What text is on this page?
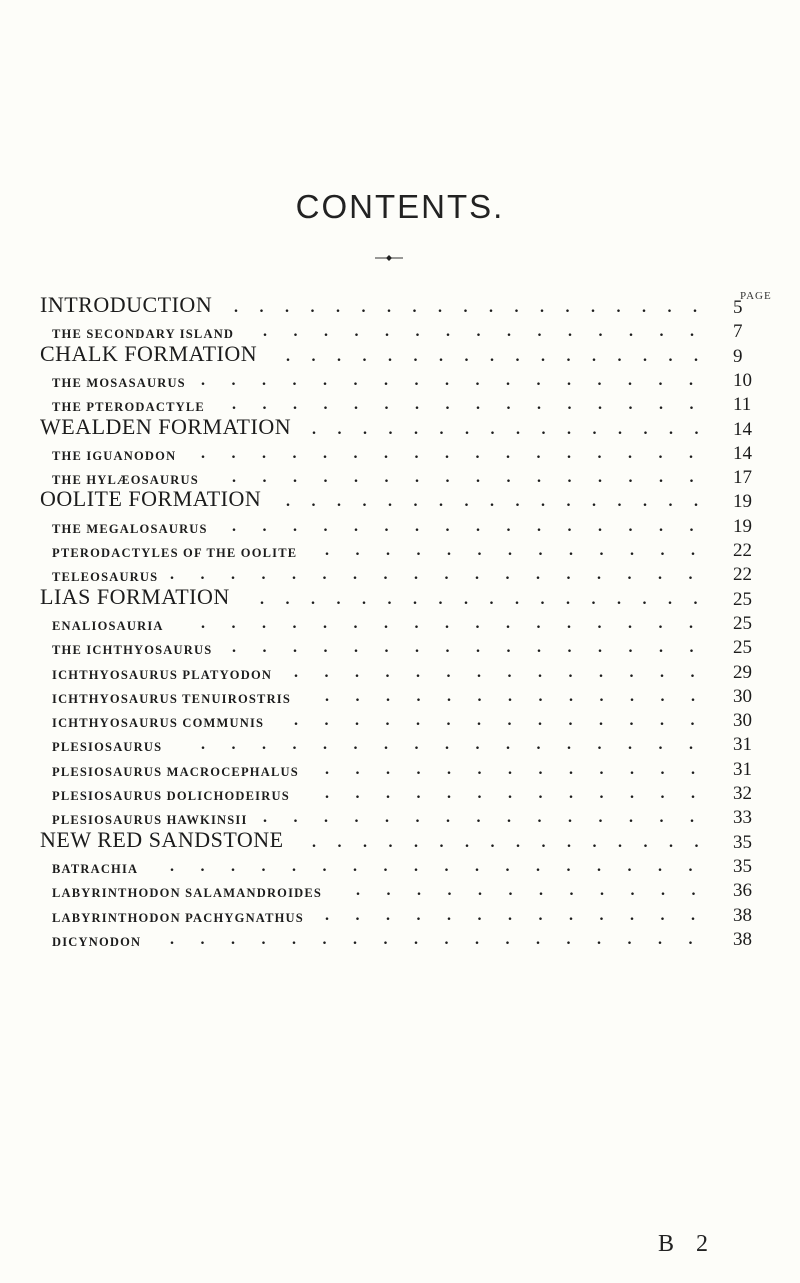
CONTENTS.
PAGE
INTRODUCTION ................... 5
THE SECONDARY ISLAND ............... 7
CHALK FORMATION ................. 9
THE MOSASAURUS ................. 10
THE PTERODACTYLE ................ 11
WEALDEN FORMATION ................ 14
THE IGUANODON ................. 14
THE HYLÆOSAURUS ................ 17
OOLITE FORMATION ................. 19
THE MEGALOSAURUS ................ 19
PTERODACTYLES OF THE OOLITE ............. 22
TELEOSAURUS .................. 22
LIAS FORMATION .................. 25
ENALIOSAURIA ................. 25
THE ICHTHYOSAURUS ................ 25
ICHTHYOSAURUS PLATYODON .............. 29
ICHTHYOSAURUS TENUIROSTRIS ............. 30
ICHTHYOSAURUS COMMUNIS .............. 30
PLESIOSAURUS ................. 31
PLESIOSAURUS MACROCEPHALUS ............. 31
PLESIOSAURUS DOLICHODEIRUS ............. 32
PLESIOSAURUS HAWKINSII ............... 33
NEW RED SANDSTONE ................ 35
BATRACHIA .................. 35
LABYRINTHODON SALAMANDROIDES ............ 36
LABYRINTHODON PACHYGNATHUS ............. 38
DICYNODON .................. 38
B 2
